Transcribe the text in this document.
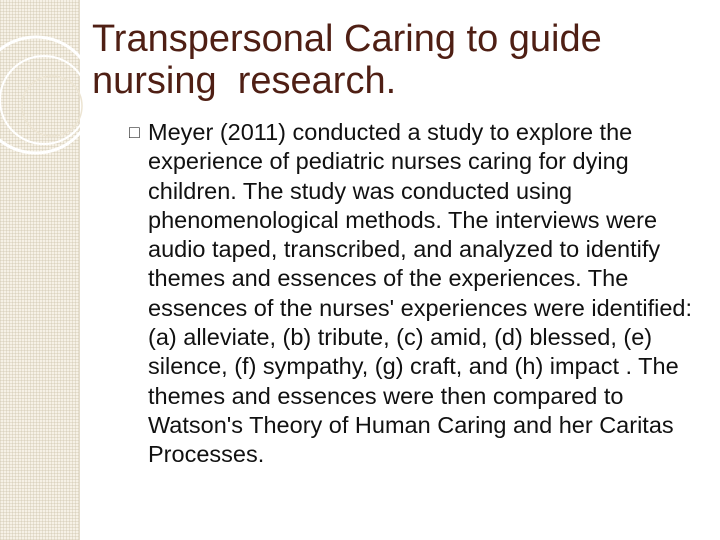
Transpersonal Caring to guide nursing  research.
□ Meyer (2011) conducted a study to explore the experience of pediatric nurses caring for dying children. The study was conducted using phenomenological methods. The interviews were audio taped, transcribed, and analyzed to identify themes and essences of the experiences. The essences of the nurses' experiences were identified: (a) alleviate, (b) tribute, (c) amid, (d) blessed, (e) silence, (f) sympathy, (g) craft, and (h) impact . The themes and essences were then compared to Watson's Theory of Human Caring and her Caritas Processes.
